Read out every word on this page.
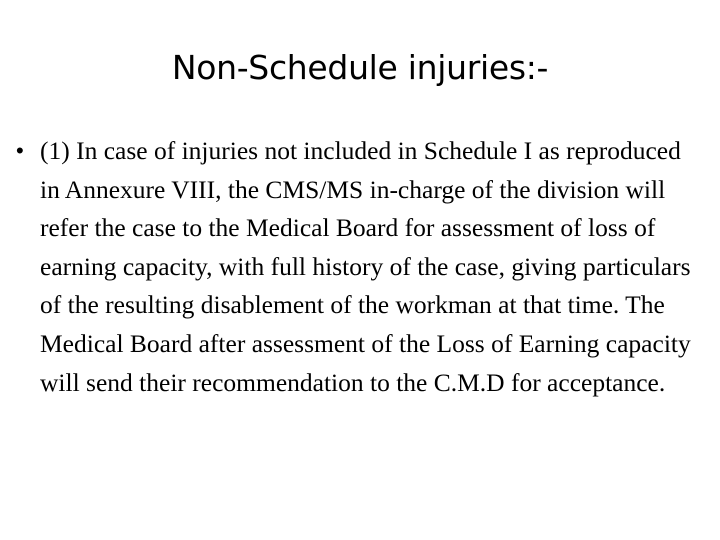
Non-Schedule injuries:-
• (1) In case of injuries not included in Schedule I as reproduced in Annexure VIII, the CMS/MS in-charge of the division will refer the case to the Medical Board for assessment of loss of earning capacity, with full history of the case, giving particulars of the resulting disablement of the workman at that time. The Medical Board after assessment of the Loss of Earning capacity will send their recommendation to the C.M.D for acceptance.
